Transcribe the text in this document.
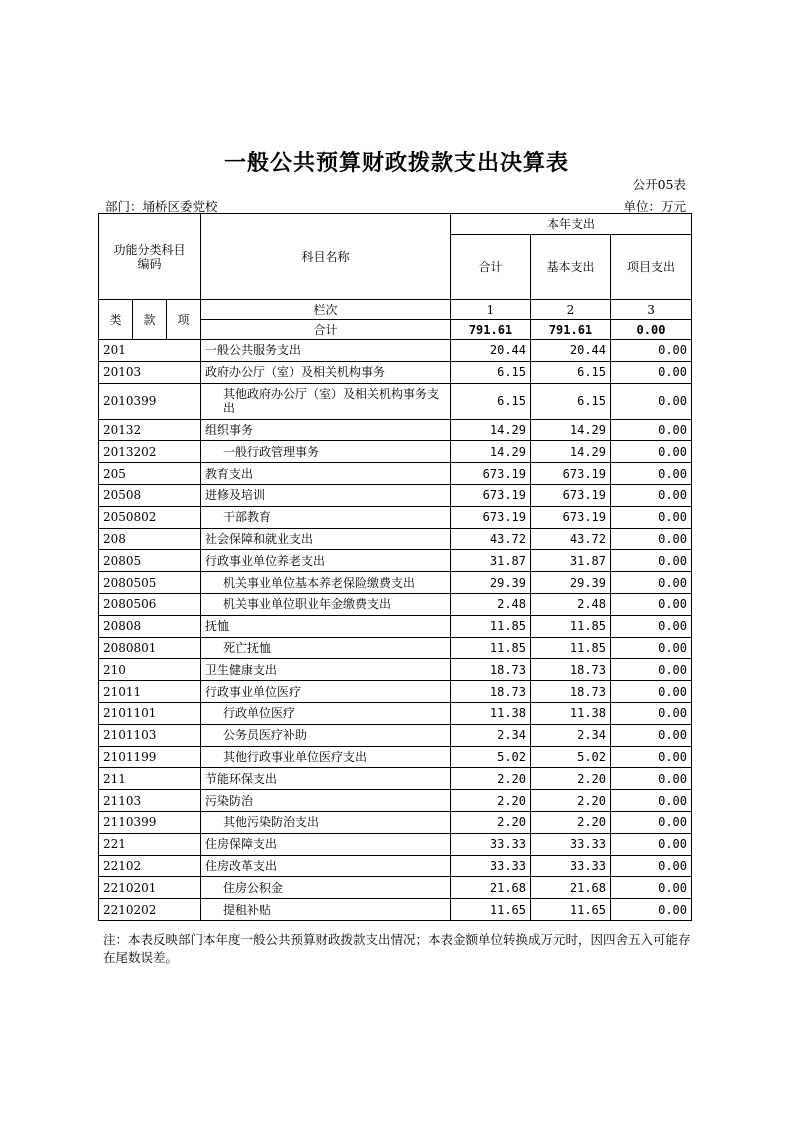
一般公共预算财政拨款支出决算表
公开05表
部门：埇桥区委党校	单位：万元
功能分类科目编码			科目名称	本年支出		
				合计	基本支出	项目支出

类	款	项	栏次	1	2	3
			合计	791.61	791.61	0.00
201			一般公共服务支出	20.44	20.44	0.00
20103			政府办公厅（室）及相关机构事务	6.15	6.15	0.00
2010399			其他政府办公厅（室）及相关机构事务支出	6.15	6.15	0.00
20132			组织事务	14.29	14.29	0.00
2013202			一般行政管理事务	14.29	14.29	0.00
205			教育支出	673.19	673.19	0.00
20508			进修及培训	673.19	673.19	0.00
2050802			干部教育	673.19	673.19	0.00
208			社会保障和就业支出	43.72	43.72	0.00
20805			行政事业单位养老支出	31.87	31.87	0.00
2080505			机关事业单位基本养老保险缴费支出	29.39	29.39	0.00
2080506			机关事业单位职业年金缴费支出	2.48	2.48	0.00
20808			抚恤	11.85	11.85	0.00
2080801			死亡抚恤	11.85	11.85	0.00
210			卫生健康支出	18.73	18.73	0.00
21011			行政事业单位医疗	18.73	18.73	0.00
2101101			行政单位医疗	11.38	11.38	0.00
2101103			公务员医疗补助	2.34	2.34	0.00
2101199			其他行政事业单位医疗支出	5.02	5.02	0.00
211			节能环保支出	2.20	2.20	0.00
21103			污染防治	2.20	2.20	0.00
2110399			其他污染防治支出	2.20	2.20	0.00
221			住房保障支出	33.33	33.33	0.00
22102			住房改革支出	33.33	33.33	0.00
2210201			住房公积金	21.68	21.68	0.00
2210202			提租补贴	11.65	11.65	0.00
注：本表反映部门本年度一般公共预算财政拨款支出情况；本表金额单位转换成万元时，因四舍五入可能存在尾数误差。
